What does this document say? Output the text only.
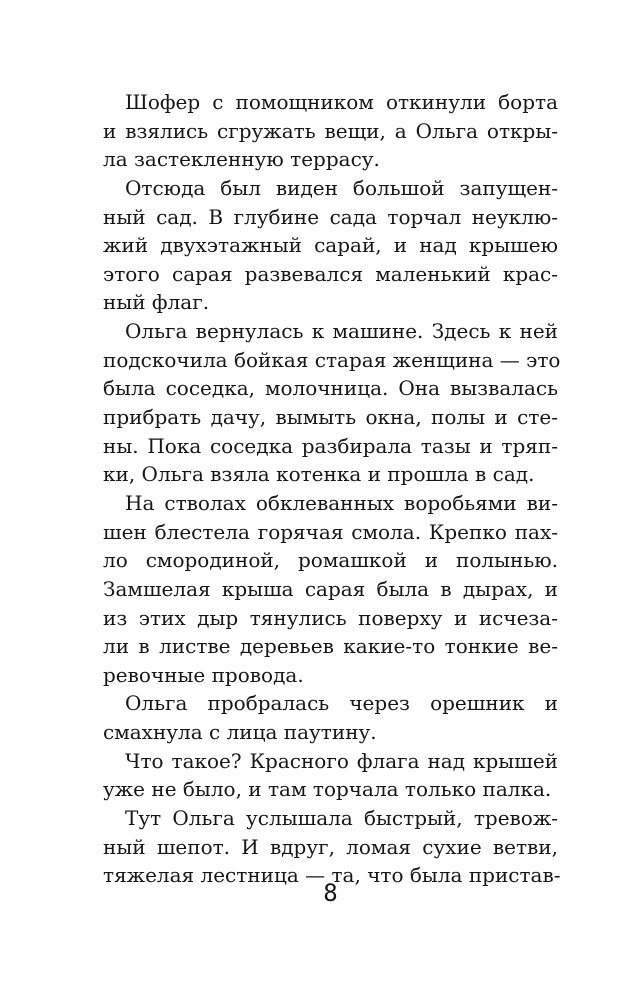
Шофер с помощником откинули борта
и взялись сгружать вещи, а Ольга откры-
ла застекленную террасу.
Отсюда был виден большой запущен-
ный сад. В глубине сада торчал неуклю-
жий двухэтажный сарай, и над крышею
этого сарая развевался маленький крас-
ный флаг.
Ольга вернулась к машине. Здесь к ней
подскочила бойкая старая женщина — это
была соседка, молочница. Она вызвалась
прибрать дачу, вымыть окна, полы и сте-
ны. Пока соседка разбирала тазы и тряп-
ки, Ольга взяла котенка и прошла в сад.
На стволах обклеванных воробьями ви-
шен блестела горячая смола. Крепко пах-
ло смородиной, ромашкой и полынью.
Замшелая крыша сарая была в дырах, и
из этих дыр тянулись поверху и исчеза-
ли в листве деревьев какие-то тонкие ве-
ревочные провода.
Ольга пробралась через орешник и
смахнула с лица паутину.
Что такое? Красного флага над крышей
уже не было, и там торчала только палка.
Тут Ольга услышала быстрый, тревож-
ный шепот. И вдруг, ломая сухие ветви,
тяжелая лестница — та, что была пристав-
8
